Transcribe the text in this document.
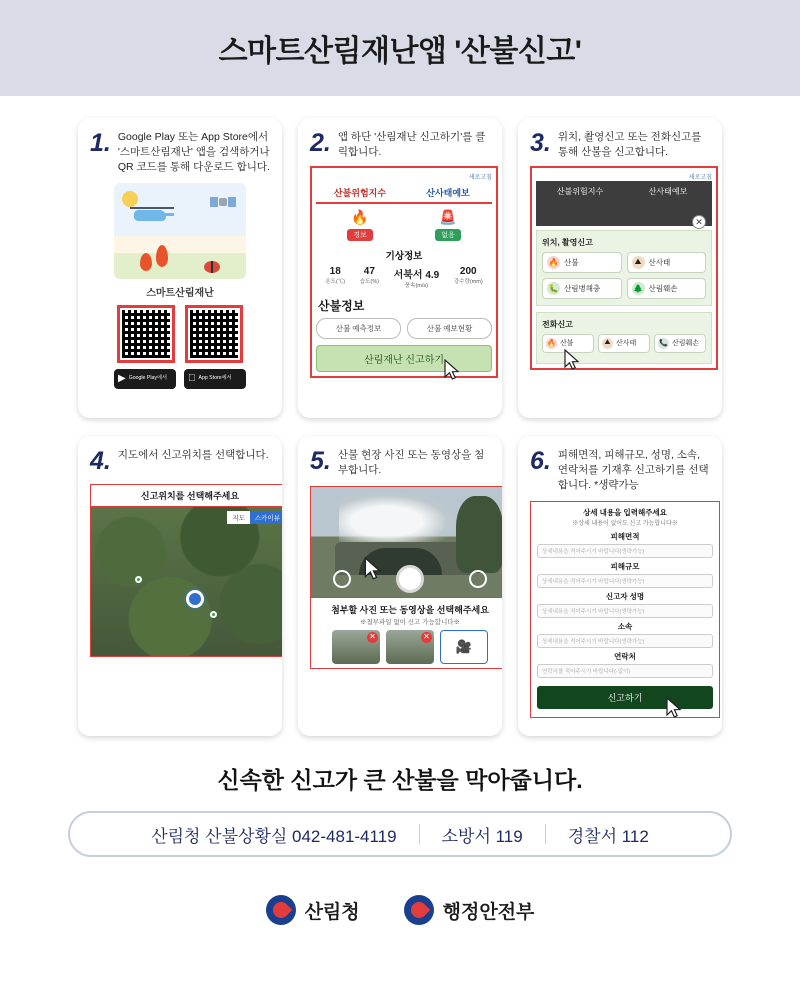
스마트산림재난앱 '산불신고'
1. Google Play 또는 App Store에서 '스마트산림재난' 앱을 검색하거나 QR 코드를 통해 다운로드 합니다.
스마트산림재난
▶ Google Play에서	App Store에서
2. 앱 하단 '산림재난 신고하기'를 클릭합니다.
새로고침
산불위험지수	산사태예보
🔥
경보
🚨
없음
기상정보
18
온도(℃)
47
습도(%)
서북서 4.9
풍속(m/s)
200
강수량(mm)
산불정보
산불 예측정보	산불 예보현황
산림재난 신고하기
3. 위치, 촬영신고 또는 전화신고를 통해 산불을 신고합니다.
새로고침
산불위험지수	산사태예보
✕
위치, 촬영신고
🔥 산불	⛰ 산사태
🐛 산림병해충	🌲 산림훼손
전화신고
🔥 산불	⛰ 산사태	📞 산림훼손
4. 지도에서 신고위치를 선택합니다.
신고위치를 선택해주세요
지도	스카이뷰
5. 산불 현장 사진 또는 동영상을 첨부합니다.
첨부할 사진 또는 동영상을 선택해주세요
※첨부파일 없이 신고 가능합니다※
✕	✕
🎥
6. 피해면적, 피해규모, 성명, 소속, 연락처를 기재후 신고하기를 선택합니다. *생략가능
상세 내용을 입력해주세요
※상세 내용이 없어도 신고 가능합니다※
피해면적
상세내용을 적어주시기 바랍니다(생략가능)
피해규모
상세내용을 적어주시기 바랍니다(생략가능)
신고자 성명
상세내용을 적어주시기 바랍니다(생략가능)
소속
상세내용을 적어주시기 바랍니다(생략가능)
연락처
연락처를 적어주시기 바랍니다(-없이)
신고하기
신속한 신고가 큰 산불을 막아줍니다.
산림청 산불상황실 042-481-4119	소방서 119	경찰서 112
산림청	행정안전부
